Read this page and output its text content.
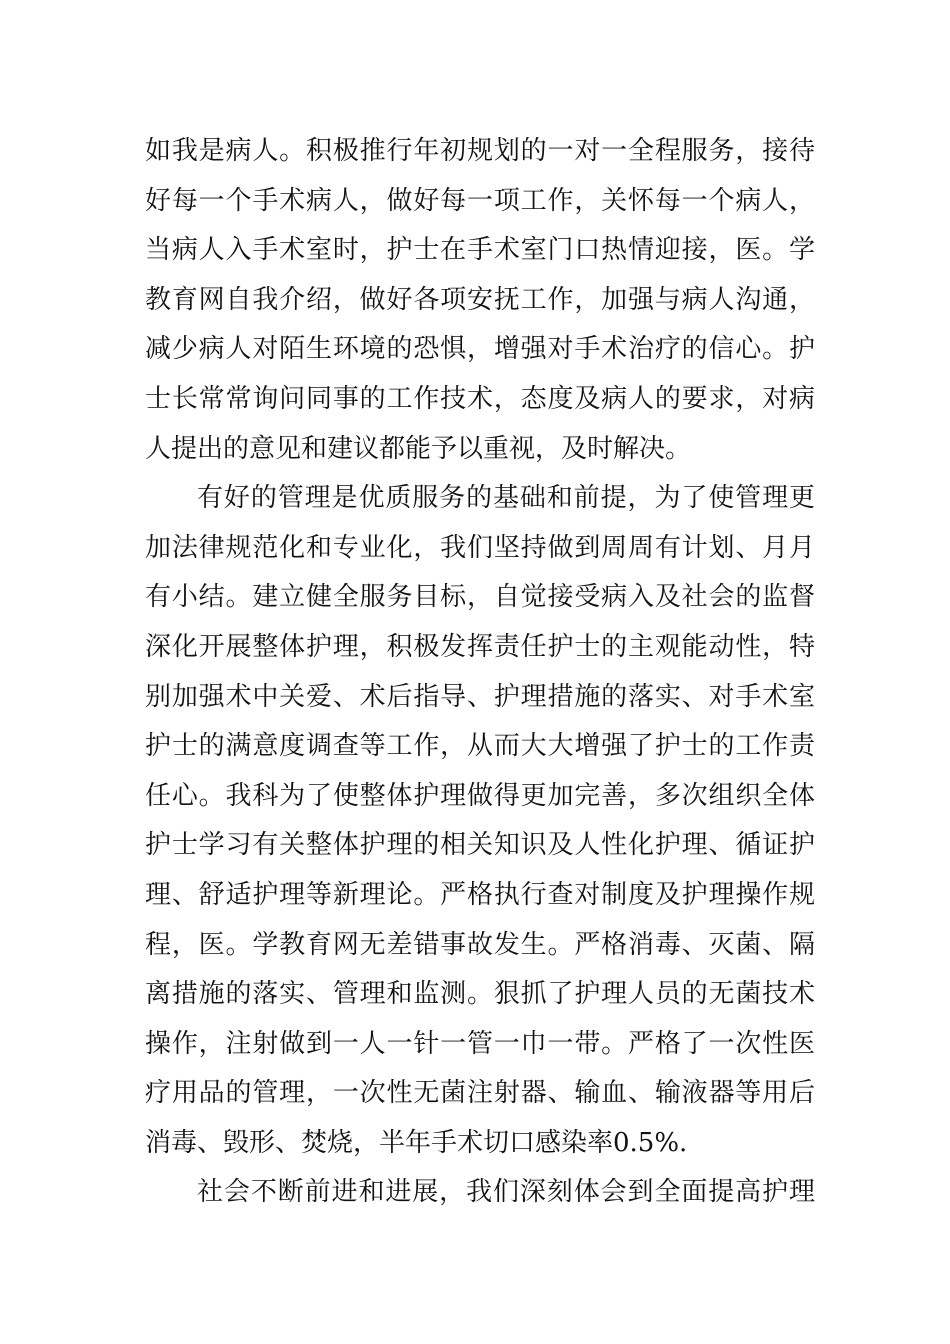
如我是病人。积极推行年初规划的一对一全程服务，接待
好每一个手术病人，做好每一项工作，关怀每一个病人，
当病人入手术室时，护士在手术室门口热情迎接，医。学
教育网自我介绍，做好各项安抚工作，加强与病人沟通，
减少病人对陌生环境的恐惧，增强对手术治疗的信心。护
士长常常询问同事的工作技术，态度及病人的要求，对病
人提出的意见和建议都能予以重视，及时解决。
有好的管理是优质服务的基础和前提，为了使管理更
加法律规范化和专业化，我们坚持做到周周有计划、月月
有小结。建立健全服务目标，自觉接受病入及社会的监督
深化开展整体护理，积极发挥责任护士的主观能动性，特
别加强术中关爱、术后指导、护理措施的落实、对手术室
护士的满意度调查等工作，从而大大增强了护士的工作责
任心。我科为了使整体护理做得更加完善，多次组织全体
护士学习有关整体护理的相关知识及人性化护理、循证护
理、舒适护理等新理论。严格执行查对制度及护理操作规
程，医。学教育网无差错事故发生。严格消毒、灭菌、隔
离措施的落实、管理和监测。狠抓了护理人员的无菌技术
操作，注射做到一人一针一管一巾一带。严格了一次性医
疗用品的管理，一次性无菌注射器、输血、输液器等用后
消毒、毁形、焚烧，半年手术切口感染率0.5%.
社会不断前进和进展，我们深刻体会到全面提高护理
